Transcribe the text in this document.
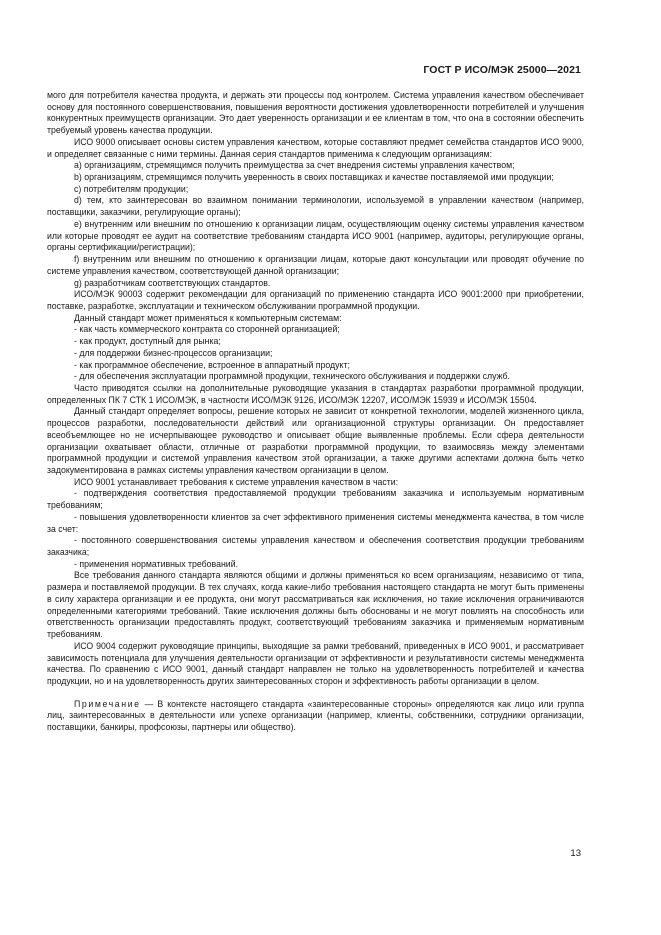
ГОСТ Р ИСО/МЭК 25000—2021

мого для потребителя качества продукта, и держать эти процессы под контролем. Система управления качеством обеспечивает основу для постоянного совершенствования, повышения вероятности достижения удовлетворенности потребителей и улучшения конкурентных преимуществ организации. Это дает уверенность организации и ее клиентам в том, что она в состоянии обеспечить требуемый уровень качества продукции.

ИСО 9000 описывает основы систем управления качеством, которые составляют предмет семейства стандартов ИСО 9000, и определяет связанные с ними термины. Данная серия стандартов применима к следующим организациям:

a) организациям, стремящимся получить преимущества за счет внедрения системы управления качеством;

b) организациям, стремящимся получить уверенность в своих поставщиках и качестве поставляемой ими продукции;

c) потребителям продукции;

d) тем, кто заинтересован во взаимном понимании терминологии, используемой в управлении качеством (например, поставщики, заказчики, регулирующие органы);

e) внутренним или внешним по отношению к организации лицам, осуществляющим оценку системы управления качеством или которые проводят ее аудит на соответствие требованиям стандарта ИСО 9001 (например, аудиторы, регулирующие органы, органы сертификации/регистрации);

f) внутренним или внешним по отношению к организации лицам, которые дают консультации или проводят обучение по системе управления качеством, соответствующей данной организации;

g) разработчикам соответствующих стандартов.

ИСО/МЭК 90003 содержит рекомендации для организаций по применению стандарта ИСО 9001:2000 при приобретении, поставке, разработке, эксплуатации и техническом обслуживании программной продукции.

Данный стандарт может применяться к компьютерным системам:

- как часть коммерческого контракта со сторонней организацией;

- как продукт, доступный для рынка;

- для поддержки бизнес-процессов организации;

- как программное обеспечение, встроенное в аппаратный продукт;

- для обеспечения эксплуатации программной продукции, технического обслуживания и поддержки служб.

Часто приводятся ссылки на дополнительные руководящие указания в стандартах разработки программной продукции, определенных ПК 7 СТК 1 ИСО/МЭК, в частности ИСО/МЭК 9126, ИСО/МЭК 12207, ИСО/МЭК 15939 и ИСО/МЭК 15504.

Данный стандарт определяет вопросы, решение которых не зависит от конкретной технологии, моделей жизненного цикла, процессов разработки, последовательности действий или организационной структуры организации. Он предоставляет всеобъемлющее но не исчерпывающее руководство и описывает общие выявленные проблемы. Если сфера деятельности организации охватывает области, отличные от разработки программной продукции, то взаимосвязь между элементами программной продукции и системой управления качеством этой организации, а также другими аспектами должна быть четко задокументирована в рамках системы управления качеством организации в целом.

ИСО 9001 устанавливает требования к системе управления качеством в части:

- подтверждения соответствия предоставляемой продукции требованиям заказчика и используемым нормативным требованиям;

- повышения удовлетворенности клиентов за счет эффективного применения системы менеджмента качества, в том числе за счет:

- постоянного совершенствования системы управления качеством и обеспечения соответствия продукции требованиям заказчика;

- применения нормативных требований.

Все требования данного стандарта являются общими и должны применяться ко всем организациям, независимо от типа, размера и поставляемой продукции. В тех случаях, когда какие-либо требования настоящего стандарта не могут быть применены в силу характера организации и ее продукта, они могут рассматриваться как исключения, но такие исключения ограничиваются определенными категориями требований. Такие исключения должны быть обоснованы и не могут повлиять на способность или ответственность организации предоставлять продукт, соответствующий требованиям заказчика и применяемым нормативным требованиям.

ИСО 9004 содержит руководящие принципы, выходящие за рамки требований, приведенных в ИСО 9001, и рассматривает зависимость потенциала для улучшения деятельности организации от эффективности и результативности системы менеджмента качества. По сравнению с ИСО 9001, данный стандарт направлен не только на удовлетворенность потребителей и качества продукции, но и на удовлетворенность других заинтересованных сторон и эффективность работы организации в целом.

Примечание — В контексте настоящего стандарта «заинтересованные стороны» определяются как лицо или группа лиц, заинтересованных в деятельности или успехе организации (например, клиенты, собственники, сотрудники организации, поставщики, банкиры, профсоюзы, партнеры или общество).

13
